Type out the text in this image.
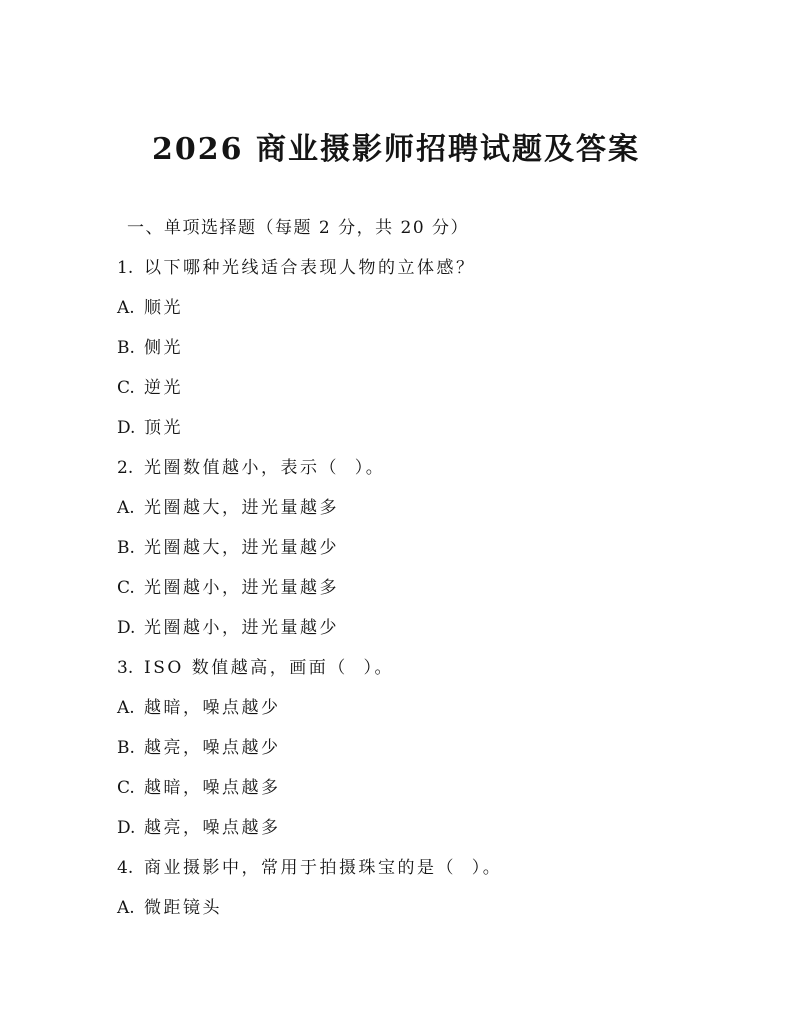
2026 商业摄影师招聘试题及答案

一、单项选择题（每题 2 分，共 20 分）

1. 以下哪种光线适合表现人物的立体感？

A. 顺光

B. 侧光

C. 逆光

D. 顶光

2. 光圈数值越小，表示（  ）。

A. 光圈越大，进光量越多

B. 光圈越大，进光量越少

C. 光圈越小，进光量越多

D. 光圈越小，进光量越少

3. ISO 数值越高，画面（  ）。

A. 越暗，噪点越少

B. 越亮，噪点越少

C. 越暗，噪点越多

D. 越亮，噪点越多

4. 商业摄影中，常用于拍摄珠宝的是（  ）。

A. 微距镜头
